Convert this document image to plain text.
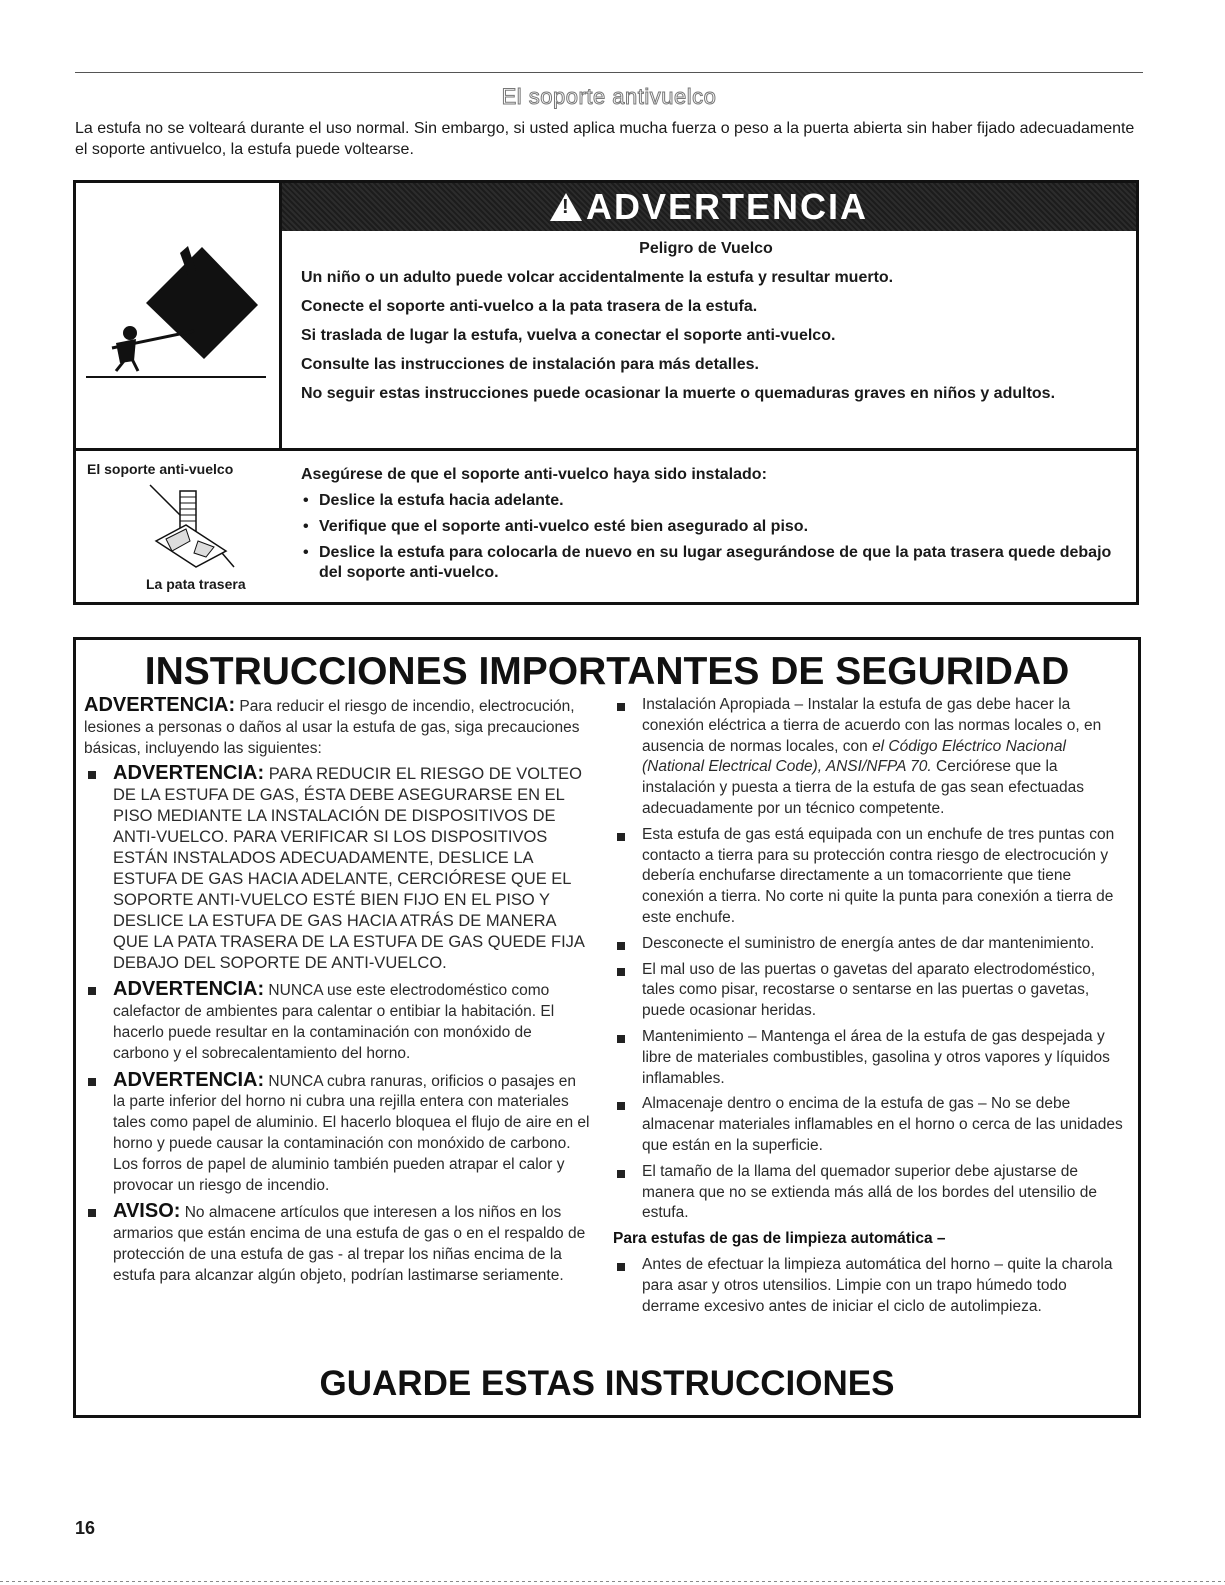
El soporte antivuelco
La estufa no se volteará durante el uso normal. Sin embargo, si usted aplica mucha fuerza o peso a la puerta abierta sin haber fijado adecuadamente el soporte antivuelco, la estufa puede voltearse.
!ADVERTENCIA

Peligro de Vuelco

Un niño o un adulto puede volcar accidentalmente la estufa y resultar muerto.

Conecte el soporte anti-vuelco a la pata trasera de la estufa.

Si traslada de lugar la estufa, vuelva a conectar el soporte anti-vuelco.

Consulte las instrucciones de instalación para más detalles.

No seguir estas instrucciones puede ocasionar la muerte o quemaduras graves en niños y adultos.

El soporte anti-vuelco
La pata trasera

Asegúrese de que el soporte anti-vuelco haya sido instalado:

• Deslice la estufa hacia adelante.
• Verifique que el soporte anti-vuelco esté bien asegurado al piso.
• Deslice la estufa para colocarla de nuevo en su lugar asegurándose de que la pata trasera quede debajo del soporte anti-vuelco.
INSTRUCCIONES IMPORTANTES DE SEGURIDAD

ADVERTENCIA: Para reducir el riesgo de incendio, electrocución, lesiones a personas o daños al usar la estufa de gas, siga precauciones básicas, incluyendo las siguientes:

ADVERTENCIA: PARA REDUCIR EL RIESGO DE VOLTEO DE LA ESTUFA DE GAS, ÉSTA DEBE ASEGURARSE EN EL PISO MEDIANTE LA INSTALACIÓN DE DISPOSITIVOS DE ANTI-VUELCO. PARA VERIFICAR SI LOS DISPOSITIVOS ESTÁN INSTALADOS ADECUADAMENTE, DESLICE LA ESTUFA DE GAS HACIA ADELANTE, CERCIÓRESE QUE EL SOPORTE ANTI-VUELCO ESTÉ BIEN FIJO EN EL PISO Y DESLICE LA ESTUFA DE GAS HACIA ATRÁS DE MANERA QUE LA PATA TRASERA DE LA ESTUFA DE GAS QUEDE FIJA DEBAJO DEL SOPORTE DE ANTI-VUELCO.
ADVERTENCIA: NUNCA use este electrodoméstico como calefactor de ambientes para calentar o entibiar la habitación. El hacerlo puede resultar en la contaminación con monóxido de carbono y el sobrecalentamiento del horno.
ADVERTENCIA: NUNCA cubra ranuras, orificios o pasajes en la parte inferior del horno ni cubra una rejilla entera con materiales tales como papel de aluminio. El hacerlo bloquea el flujo de aire en el horno y puede causar la contaminación con monóxido de carbono. Los forros de papel de aluminio también pueden atrapar el calor y provocar un riesgo de incendio.
AVISO: No almacene artículos que interesen a los niños en los armarios que están encima de una estufa de gas o en el respaldo de protección de una estufa de gas - al trepar los niñas encima de la estufa para alcanzar algún objeto, podrían lastimarse seriamente.
Instalación Apropiada – Instalar la estufa de gas debe hacer la conexión eléctrica a tierra de acuerdo con las normas locales o, en ausencia de normas locales, con el Código Eléctrico Nacional (National Electrical Code), ANSI/NFPA 70. Cerciórese que la instalación y puesta a tierra de la estufa de gas sean efectuadas adecuadamente por un técnico competente.
Esta estufa de gas está equipada con un enchufe de tres puntas con contacto a tierra para su protección contra riesgo de electrocución y debería enchufarse directamente a un tomacorriente que tiene conexión a tierra. No corte ni quite la punta para conexión a tierra de este enchufe.
Desconecte el suministro de energía antes de dar mantenimiento.
El mal uso de las puertas o gavetas del aparato electrodoméstico, tales como pisar, recostarse o sentarse en las puertas o gavetas, puede ocasionar heridas.
Mantenimiento – Mantenga el área de la estufa de gas despejada y libre de materiales combustibles, gasolina y otros vapores y líquidos inflamables.
Almacenaje dentro o encima de la estufa de gas – No se debe almacenar materiales inflamables en el horno o cerca de las unidades que están en la superficie.
El tamaño de la llama del quemador superior debe ajustarse de manera que no se extienda más allá de los bordes del utensilio de estufa.

Para estufas de gas de limpieza automática –

Antes de efectuar la limpieza automática del horno – quite la charola para asar y otros utensilios. Limpie con un trapo húmedo todo derrame excesivo antes de iniciar el ciclo de autolimpieza.
GUARDE ESTAS INSTRUCCIONES
16
